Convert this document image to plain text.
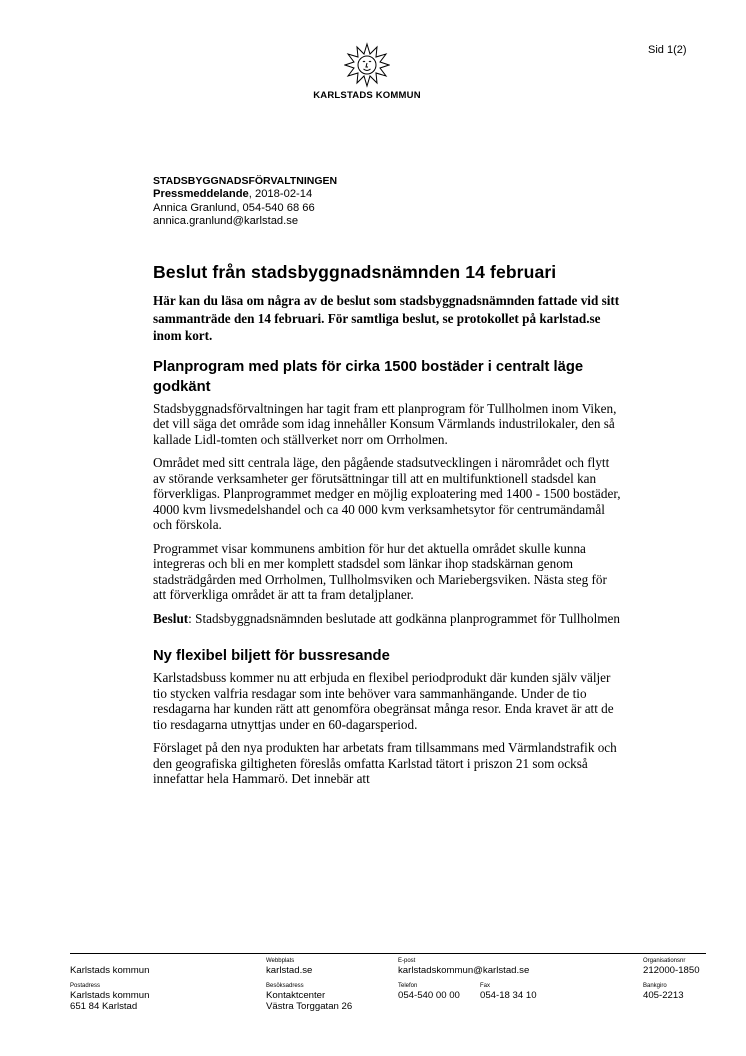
Sid 1(2)
KARLSTADS KOMMUN
STADSBYGGNADSFÖRVALTNINGEN
Pressmeddelande, 2018-02-14
Annica Granlund, 054-540 68 66
annica.granlund@karlstad.se
Beslut från stadsbyggnadsnämnden 14 februari

Här kan du läsa om några av de beslut som stadsbyggnadsnämnden fattade vid sitt sammanträde den 14 februari. För samtliga beslut, se protokollet på karlstad.se inom kort.

Planprogram med plats för cirka 1500 bostäder i centralt läge godkänt

Stadsbyggnadsförvaltningen har tagit fram ett planprogram för Tullholmen inom Viken, det vill säga det område som idag innehåller Konsum Värmlands industrilokaler, den så kallade Lidl-tomten och ställverket norr om Orrholmen.

Området med sitt centrala läge, den pågående stadsutvecklingen i närområdet och flytt av störande verksamheter ger förutsättningar till att en multifunktionell stadsdel kan förverkligas. Planprogrammet medger en möjlig exploatering med 1400 - 1500 bostäder, 4000 kvm livsmedelshandel och ca 40 000 kvm verksamhetsytor för centrumändamål och förskola.

Programmet visar kommunens ambition för hur det aktuella området skulle kunna integreras och bli en mer komplett stadsdel som länkar ihop stadskärnan genom stadsträdgården med Orrholmen, Tullholmsviken och Mariebergsviken. Nästa steg för att förverkliga området är att ta fram detaljplaner.

Beslut: Stadsbyggnadsnämnden beslutade att godkänna planprogrammet för Tullholmen

Ny flexibel biljett för bussresande

Karlstadsbuss kommer nu att erbjuda en flexibel periodprodukt där kunden själv väljer tio stycken valfria resdagar som inte behöver vara sammanhängande. Under de tio resdagarna har kunden rätt att genomföra obegränsat många resor. Enda kravet är att de tio resdagarna utnyttjas under en 60-dagarsperiod.

Förslaget på den nya produkten har arbetats fram tillsammans med Värmlandstrafik och den geografiska giltigheten föreslås omfatta Karlstad tätort i priszon 21 som också innefattar hela Hammarö. Det innebär att

Karlstads kommun
Webbplats
karlstad.se
E-post
karlstadskommun@karlstad.se
Organisationsnr
212000-1850
Postadress
Karlstads kommun
651 84 Karlstad
Besöksadress
Kontaktcenter
Västra Torggatan 26
Telefon
054-540 00 00
Fax
054-18 34 10
Bankgiro
405-2213
